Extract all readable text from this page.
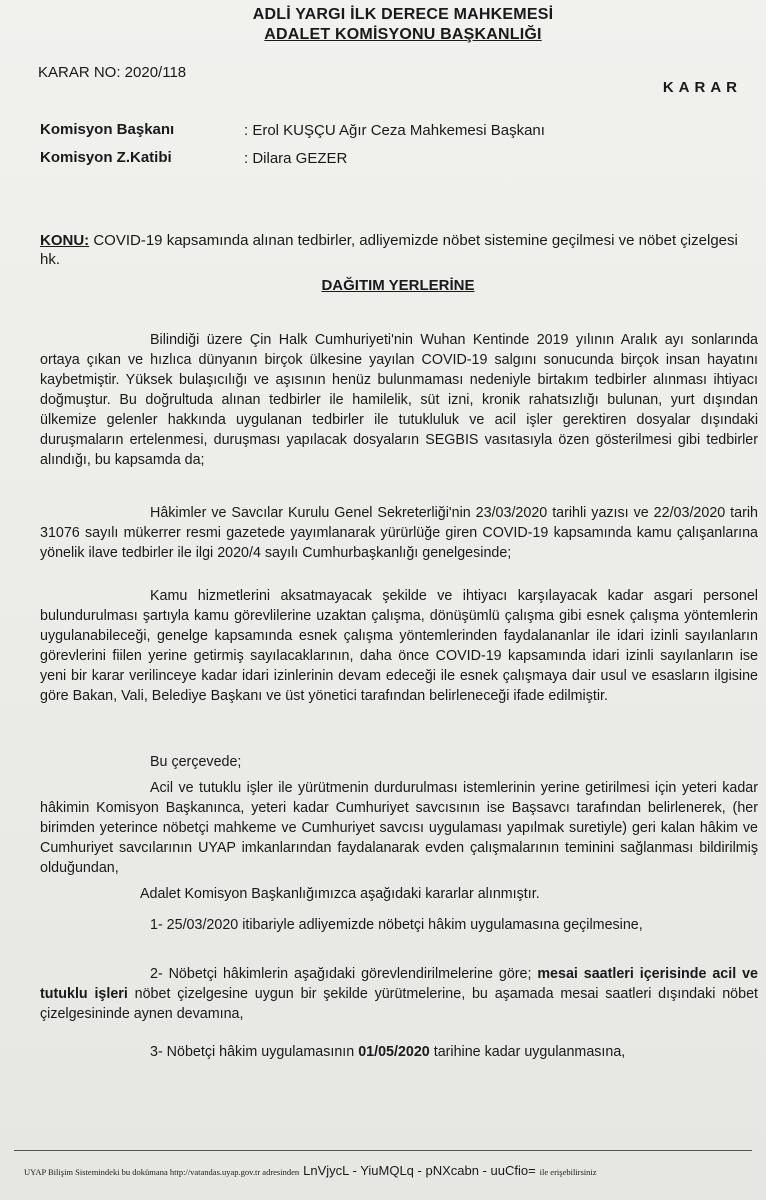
ADLİ YARGI İLK DERECE MAHKEMESİ
ADALET KOMİSYONU BAŞKANLIĞI
KARAR NO: 2020/118
KARAR
Komisyon Başkanı	: Erol KUŞÇU Ağır Ceza Mahkemesi Başkanı
Komisyon Z.Katibi	: Dilara GEZER
KONU: COVID-19 kapsamında alınan tedbirler, adliyemizde nöbet sistemine geçilmesi ve nöbet çizelgesi hk.
DAĞITIM YERLERİNE
Bilindiği üzere Çin Halk Cumhuriyeti'nin Wuhan Kentinde 2019 yılının Aralık ayı sonlarında ortaya çıkan ve hızlıca dünyanın birçok ülkesine yayılan COVID-19 salgını sonucunda birçok insan hayatını kaybetmiştir. Yüksek bulaşıcılığı ve aşısının henüz bulunmaması nedeniyle birtakım tedbirler alınması ihtiyacı doğmuştur. Bu doğrultuda alınan tedbirler ile hamilelik, süt izni, kronik rahatsızlığı bulunan, yurt dışından ülkemize gelenler hakkında uygulanan tedbirler ile tutukluluk ve acil işler gerektiren dosyalar dışındaki duruşmaların ertelenmesi, duruşması yapılacak dosyaların SEGBIS vasıtasıyla özen gösterilmesi gibi tedbirler alındığı, bu kapsamda da;
Hâkimler ve Savcılar Kurulu Genel Sekreterliği'nin 23/03/2020 tarihli yazısı ve 22/03/2020 tarih 31076 sayılı mükerrer resmi gazetede yayımlanarak yürürlüğe giren COVID-19 kapsamında kamu çalışanlarına yönelik ilave tedbirler ile ilgi 2020/4 sayılı Cumhurbaşkanlığı genelgesinde;
Kamu hizmetlerini aksatmayacak şekilde ve ihtiyacı karşılayacak kadar asgari personel bulundurulması şartıyla kamu görevlilerine uzaktan çalışma, dönüşümlü çalışma gibi esnek çalışma yöntemlerin uygulanabileceği, genelge kapsamında esnek çalışma yöntemlerinden faydalananlar ile idari izinli sayılanların görevlerini fiilen yerine getirmiş sayılacaklarının, daha önce COVID-19 kapsamında idari izinli sayılanların ise yeni bir karar verilinceye kadar idari izinlerinin devam edeceği ile esnek çalışmaya dair usul ve esasların ilgisine göre Bakan, Vali, Belediye Başkanı ve üst yönetici tarafından belirleneceği ifade edilmiştir.
Bu çerçevede;
Acil ve tutuklu işler ile yürütmenin durdurulması istemlerinin yerine getirilmesi için yeteri kadar hâkimin Komisyon Başkanınca, yeteri kadar Cumhuriyet savcısının ise Başsavcı tarafından belirlenerek, (her birimden yeterince nöbetçi mahkeme ve Cumhuriyet savcısı uygulaması yapılmak suretiyle) geri kalan hâkim ve Cumhuriyet savcılarının UYAP imkanlarından faydalanarak evden çalışmalarının teminini sağlanması bildirilmiş olduğundan,
Adalet Komisyon Başkanlığımızca aşağıdaki kararlar alınmıştır.
1- 25/03/2020 itibariyle adliyemizde nöbetçi hâkim uygulamasına geçilmesine,
2- Nöbetçi hâkimlerin aşağıdaki görevlendirilmelerine göre; mesai saatleri içerisinde acil ve tutuklu işleri nöbet çizelgesine uygun bir şekilde yürütmelerine, bu aşamada mesai saatleri dışındaki nöbet çizelgesininde aynen devamına,
3- Nöbetçi hâkim uygulamasının 01/05/2020 tarihine kadar uygulanmasına,
UYAP Bilişim Sistemindeki bu dokümana http://vatandas.uyap.gov.tr adresinden LnVjycL - YiuMQLq - pNXcabn - uuCfio= ile erişebilirsiniz
